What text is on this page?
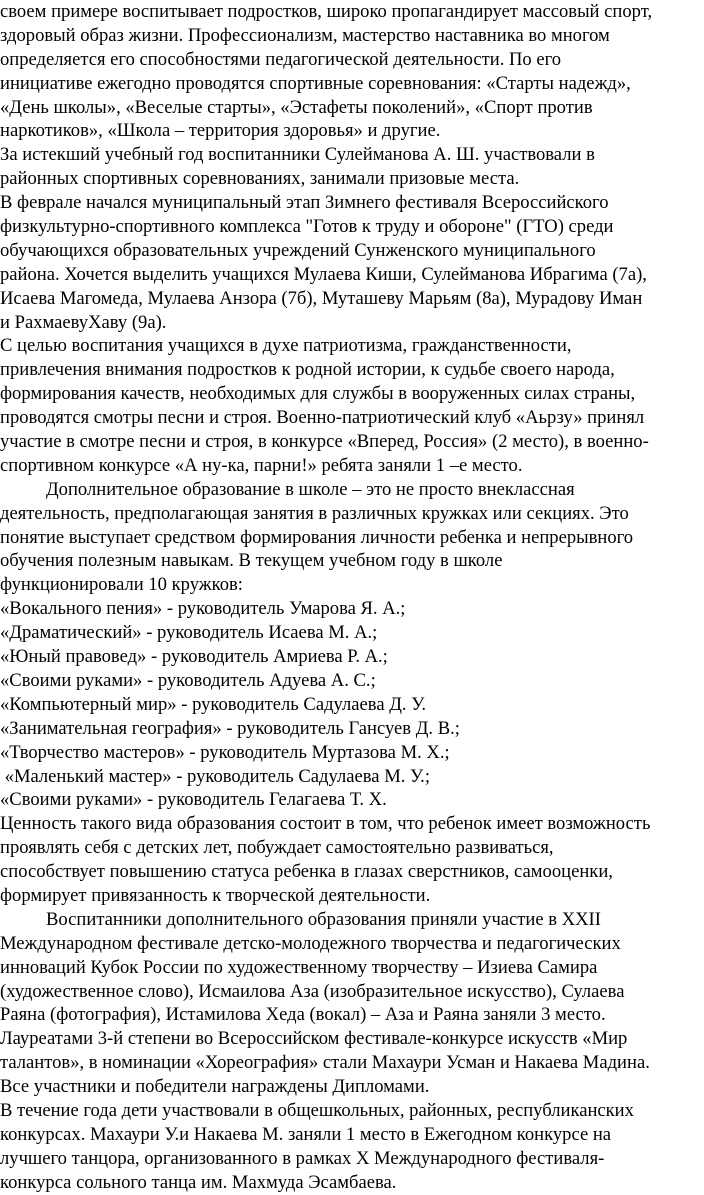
своем примере воспитывает подростков, широко пропагандирует массовый спорт,
здоровый образ жизни. Профессионализм, мастерство наставника во многом
определяется его способностями педагогической деятельности. По его
инициативе ежегодно проводятся спортивные соревнования: «Старты надежд»,
«День школы», «Веселые старты», «Эстафеты поколений», «Спорт против
наркотиков», «Школа – территория здоровья» и другие.
За истекший учебный год воспитанники Сулейманова А. Ш. участвовали в
районных спортивных соревнованиях, занимали призовые места.
В феврале начался муниципальный этап Зимнего фестиваля Всероссийского
физкультурно-спортивного комплекса "Готов к труду и обороне" (ГТО) среди
обучающихся образовательных учреждений Сунженского муниципального
района. Хочется выделить учащихся Мулаева Киши, Сулейманова Ибрагима (7а),
Исаева Магомеда, Мулаева Анзора (7б), Муташеву Марьям (8а), Мурадову Иман
и РахмаевуХаву (9а).
С целью воспитания учащихся в духе патриотизма, гражданственности,
привлечения внимания подростков к родной истории, к судьбе своего народа,
формирования качеств, необходимых для службы в вооруженных силах страны,
проводятся смотры песни и строя. Военно-патриотический клуб «Аьрзу» принял
участие в смотре песни и строя, в конкурсе «Вперед, Россия» (2 место), в военно-
спортивном конкурсе «А ну-ка, парни!» ребята заняли 1 –е место.
Дополнительное образование в школе – это не просто внеклассная
деятельность, предполагающая занятия в различных кружках или секциях. Это
понятие выступает средством формирования личности ребенка и непрерывного
обучения полезным навыкам. В текущем учебном году в школе
функционировали 10 кружков:
«Вокального пения» - руководитель Умарова Я. А.;
«Драматический» - руководитель Исаева М. А.;
«Юный правовед» - руководитель Амриева Р. А.;
«Своими руками» - руководитель Адуева А. С.;
«Компьютерный мир» - руководитель Садулаева Д. У.
«Занимательная география» - руководитель Гансуев Д. В.;
«Творчество мастеров» - руководитель Муртазова М. Х.;
«Маленький мастер» - руководитель Садулаева М. У.;
«Своими руками» - руководитель Гелагаева Т. Х.
Ценность такого вида образования состоит в том, что ребенок имеет возможность
проявлять себя с детских лет, побуждает самостоятельно развиваться,
способствует повышению статуса ребенка в глазах сверстников, самооценки,
формирует привязанность к творческой деятельности.
Воспитанники дополнительного образования приняли участие в XXII
Международном фестивале детско-молодежного творчества и педагогических
инноваций Кубок России по художественному творчеству – Изиева Самира
(художественное слово), Исмаилова Аза (изобразительное искусство), Сулаева
Раяна (фотография), Истамилова Хеда (вокал) – Аза и Раяна заняли 3 место.
Лауреатами 3-й степени во Всероссийском фестивале-конкурсе искусств «Мир
талантов», в номинации «Хореография» стали Махаури Усман и Накаева Мадина.
Все участники и победители награждены Дипломами.
В течение года дети участвовали в общешкольных, районных, республиканских
конкурсах. Махаури У.и Накаева М. заняли 1 место в Ежегодном конкурсе на
лучшего танцора, организованного в рамках Х Международного фестиваля-
конкурса сольного танца им. Махмуда Эсамбаева.
